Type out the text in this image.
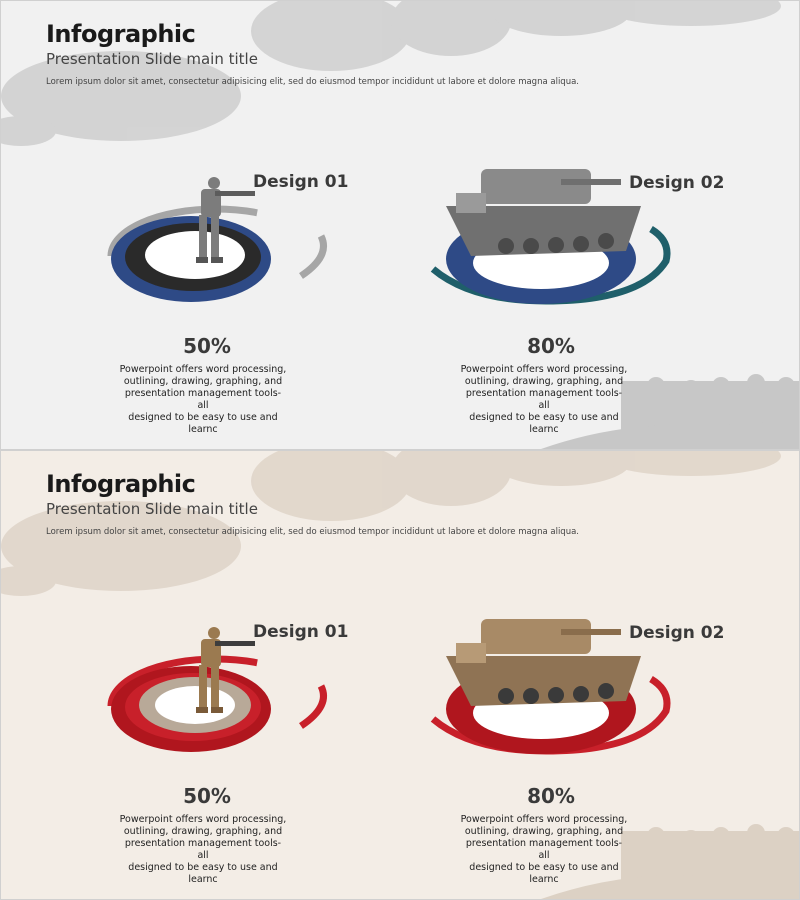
Infographic
Presentation Slide main title
Lorem ipsum dolor sit amet, consectetur adipisicing elit, sed do eiusmod tempor incididunt ut labore et dolore magna aliqua.
Design 01
50%
Powerpoint offers word processing,
outlining, drawing, graphing, and
presentation management tools- all
designed to be easy to use and learnc
Design 02
80%
Powerpoint offers word processing,
outlining, drawing, graphing, and
presentation management tools- all
designed to be easy to use and learnc
Infographic
Presentation Slide main title
Lorem ipsum dolor sit amet, consectetur adipisicing elit, sed do eiusmod tempor incididunt ut labore et dolore magna aliqua.
Design 01
50%
Powerpoint offers word processing,
outlining, drawing, graphing, and
presentation management tools- all
designed to be easy to use and learnc
Design 02
80%
Powerpoint offers word processing,
outlining, drawing, graphing, and
presentation management tools- all
designed to be easy to use and learnc
